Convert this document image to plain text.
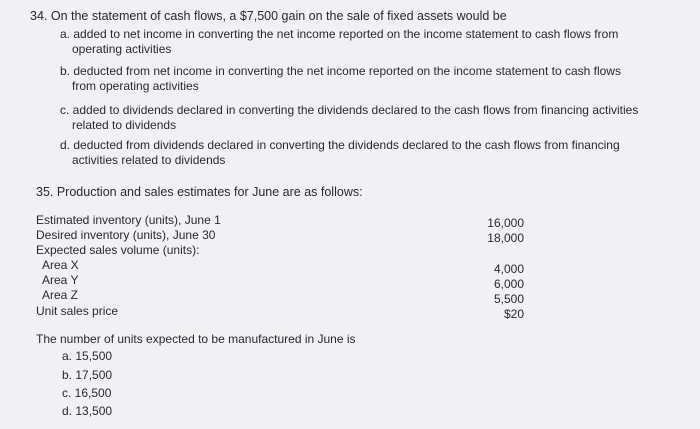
34. On the statement of cash flows, a $7,500 gain on the sale of fixed assets would be
a. added to net income in converting the net income reported on the income statement to cash flows from
operating activities
b. deducted from net income in converting the net income reported on the income statement to cash flows
from operating activities
c. added to dividends declared in converting the dividends declared to the cash flows from financing activities
related to dividends
d. deducted from dividends declared in converting the dividends declared to the cash flows from financing
activities related to dividends
35. Production and sales estimates for June are as follows:
Estimated inventory (units), June 1	16,000
Desired inventory (units), June 30	18,000
Expected sales volume (units):
Area X	4,000
Area Y	6,000
Area Z	5,500
Unit sales price	$20
The number of units expected to be manufactured in June is
a. 15,500
b. 17,500
c. 16,500
d. 13,500
